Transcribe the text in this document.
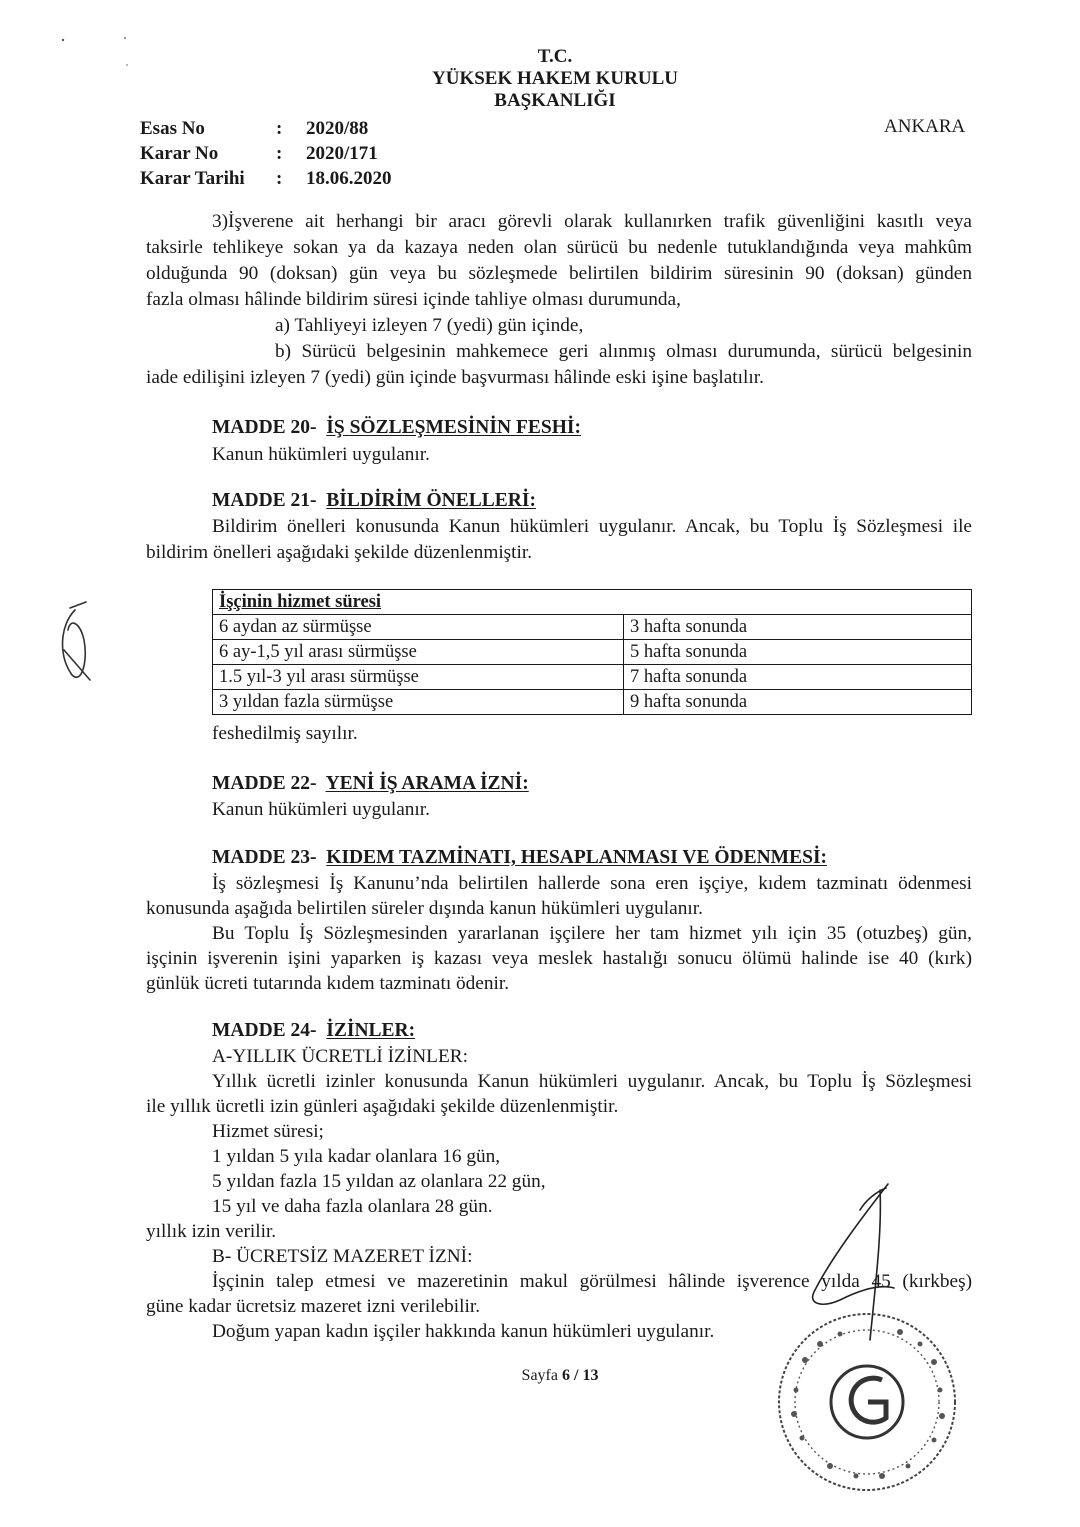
T.C.
YÜKSEK HAKEM KURULU
BAŞKANLIĞI
ANKARA
Esas No	: 2020/88
Karar No	: 2020/171
Karar Tarihi : 18.06.2020
3)İşverene ait herhangi bir aracı görevli olarak kullanırken trafik güvenliğini kasıtlı veya
taksirle tehlikeye sokan ya da kazaya neden olan sürücü bu nedenle tutuklandığında veya mahkûm
olduğunda 90 (doksan) gün veya bu sözleşmede belirtilen bildirim süresinin 90 (doksan) günden
fazla olması hâlinde bildirim süresi içinde tahliye olması durumunda,
a) Tahliyeyi izleyen 7 (yedi) gün içinde,
b) Sürücü belgesinin mahkemece geri alınmış olması durumunda, sürücü belgesinin
iade edilişini izleyen 7 (yedi) gün içinde başvurması hâlinde eski işine başlatılır.
MADDE 20- İŞ SÖZLEŞMESİNİN FESHİ:
Kanun hükümleri uygulanır.
MADDE 21- BİLDİRİM ÖNELLERİ:
Bildirim önelleri konusunda Kanun hükümleri uygulanır. Ancak, bu Toplu İş Sözleşmesi ile
bildirim önelleri aşağıdaki şekilde düzenlenmiştir.
İşçinin hizmet süresi	
6 aydan az sürmüşse	3 hafta sonunda
6 ay-1,5 yıl arası sürmüşse	5 hafta sonunda
1.5 yıl-3 yıl arası sürmüşse	7 hafta sonunda
3 yıldan fazla sürmüşse	9 hafta sonunda
feshedilmiş sayılır.
MADDE 22- YENİ İŞ ARAMA İZNİ:
Kanun hükümleri uygulanır.
MADDE 23- KIDEM TAZMİNATI, HESAPLANMASI VE ÖDENMESİ:
İş sözleşmesi İş Kanunu’nda belirtilen hallerde sona eren işçiye, kıdem tazminatı ödenmesi
konusunda aşağıda belirtilen süreler dışında kanun hükümleri uygulanır.
Bu Toplu İş Sözleşmesinden yararlanan işçilere her tam hizmet yılı için 35 (otuzbeş) gün,
işçinin işverenin işini yaparken iş kazası veya meslek hastalığı sonucu ölümü halinde ise 40 (kırk)
günlük ücreti tutarında kıdem tazminatı ödenir.
MADDE 24- İZİNLER:
A-YILLIK ÜCRETLİ İZİNLER:
Yıllık ücretli izinler konusunda Kanun hükümleri uygulanır. Ancak, bu Toplu İş Sözleşmesi
ile yıllık ücretli izin günleri aşağıdaki şekilde düzenlenmiştir.
Hizmet süresi;
1 yıldan 5 yıla kadar olanlara 16 gün,
5 yıldan fazla 15 yıldan az olanlara 22 gün,
15 yıl ve daha fazla olanlara 28 gün.
yıllık izin verilir.
B- ÜCRETSİZ MAZERET İZNİ:
İşçinin talep etmesi ve mazeretinin makul görülmesi hâlinde işverence yılda 45 (kırkbeş)
güne kadar ücretsiz mazeret izni verilebilir.
Doğum yapan kadın işçiler hakkında kanun hükümleri uygulanır.
Sayfa 6 / 13
